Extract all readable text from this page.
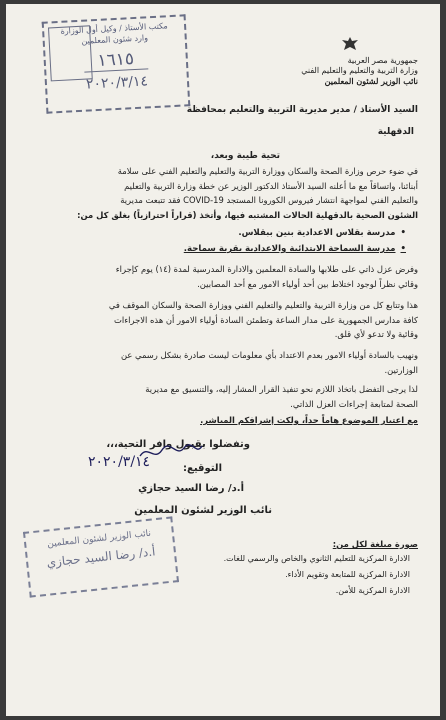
مكتب الأستاذ / وكيل أول الوزارة
وارد شئون المعلمين
١٦١٥
٢٠٢٠/٣/١٤
جمهورية مصر العربية
وزارة التربية والتعليم والتعليم الفني
نائب الوزير لشئون المعلمين
السيد الأستاذ / مدير مديرية التربية والتعليم بمحافظة
الدقهلية
تحية طيبة وبعد،

في ضوء حرص وزارة الصحة والسكان ووزارة التربية والتعليم والتعليم الفني على سلامة

أبنائنا، واتساقاً مع ما أعلنه السيد الأستاذ الدكتور الوزير عن خطة وزارة التربية والتعليم

والتعليم الفني لمواجهة انتشار فيروس الكورونا المستجد COVID-19 فقد تتبعت مديرية

الشئون الصحية بالدقهلية الحالات المشتبه فيها، وأتخذ (قراراً احترازياً) بغلق كل من:

• مدرسة بقلاس الاعدادية بنين ببقلاس.
• مدرسة السماحة الابتدائية والاعدادية بقرية سماحة.

وفرض عزل ذاتي على طلابها والسادة المعلمين والادارة المدرسية لمدة (١٤) يوم كإجراء

وقائي نظراً لوجود اختلاط بين أحد أولياء الامور مع أحد المصابين.

هذا وتتابع كل من وزارة التربية والتعليم والتعليم الفني ووزارة الصحة والسكان الموقف في

كافة مدارس الجمهورية على مدار الساعة وتطمئن السادة أولياء الامور أن هذه الاجراءات

وقائية ولا تدعو لأي قلق.

ونهيب بالسادة أولياء الامور بعدم الاعتداد بأي معلومات ليست صادرة بشكل رسمي عن

الوزارتين.

لذا يرجى التفضل باتخاذ اللازم نحو تنفيذ القرار المشار إليه، والتنسيق مع مديرية

الصحة لمتابعة إجراءات العزل الذاتي.

مع اعتبار الموضوع هاماً جداً، ولكت إشرافكم المباشر.
وتفضلوا بقبول وافر التحية،،،
٢٠٢٠/٣/١٤	التوقيع:
أ.د/ رضا السيد حجازي
نائب الوزير لشئون المعلمين
نائب الوزير لشئون المعلمين
أ.د/ رضا السيد حجازي
صورة مبلغة لكل من:
الادارة المركزية للتعليم الثانوي والخاص والرسمي للغات.
الادارة المركزية للمتابعة وتقويم الأداء.
الادارة المركزية للأمن.
